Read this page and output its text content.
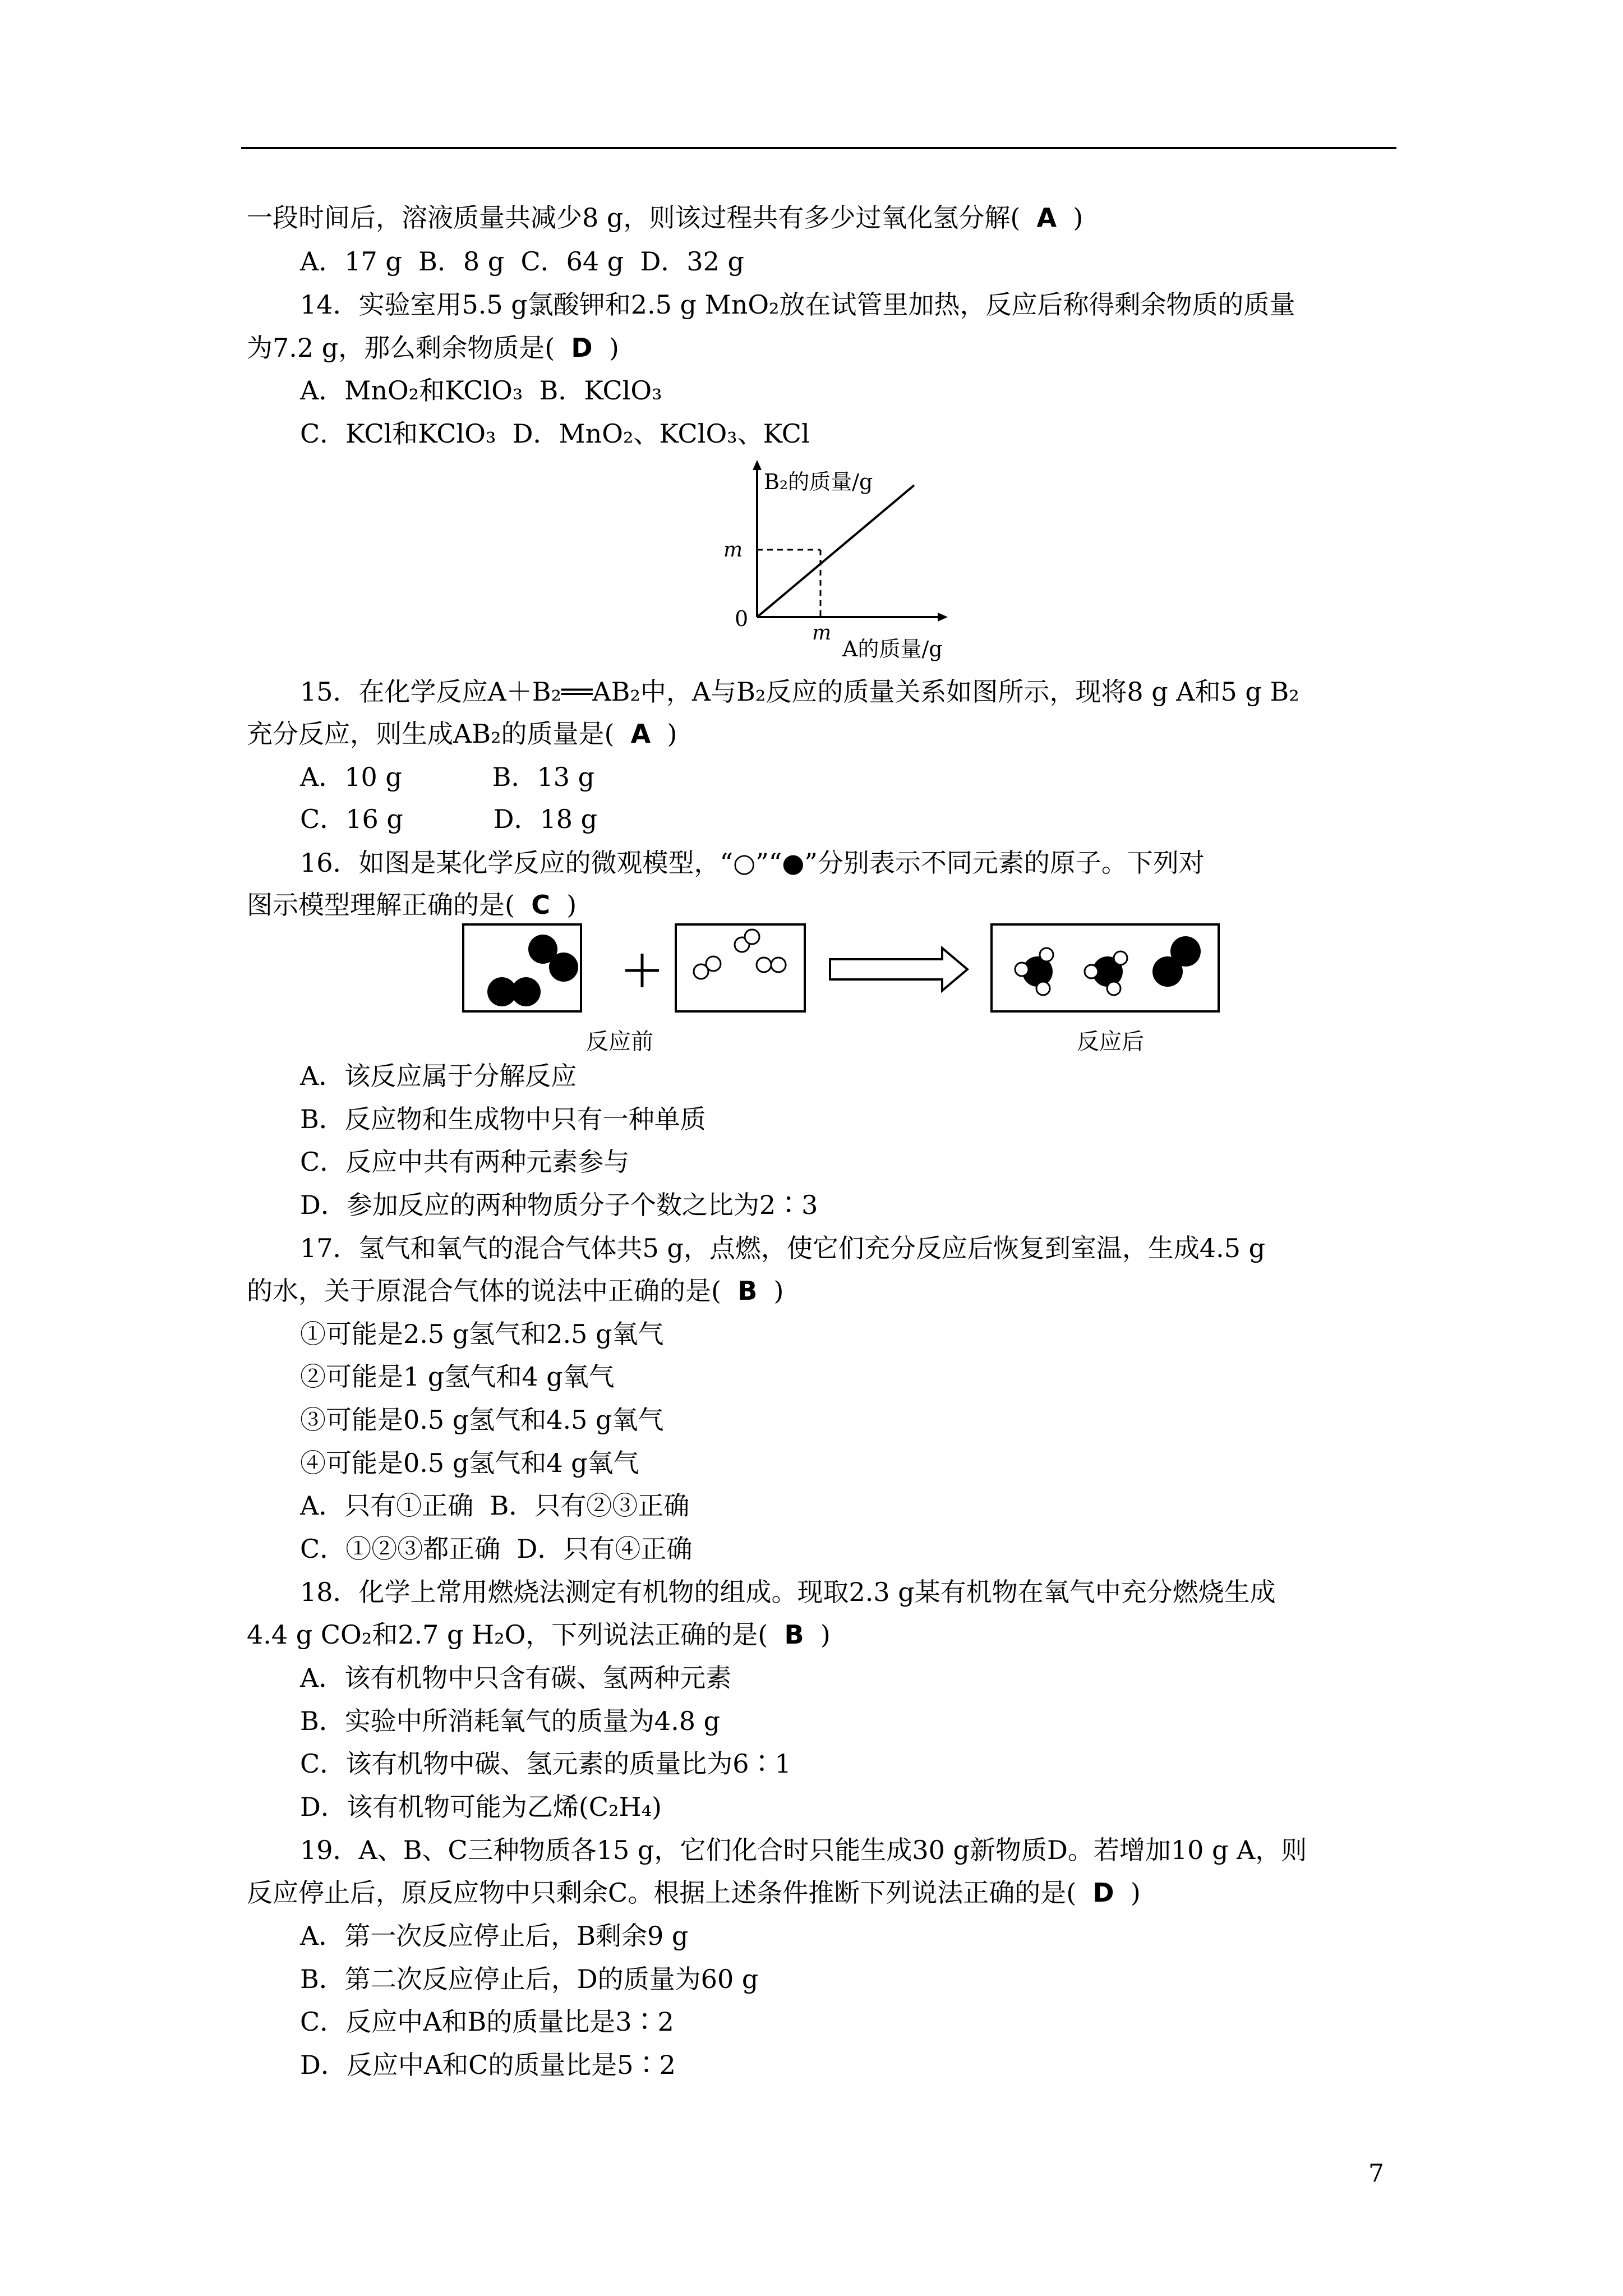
一段时间后，溶液质量共减少8 g，则该过程共有多少过氧化氢分解( A )
A．17 g  B．8 g  C．64 g  D．32 g
14．实验室用5.5 g氯酸钾和2.5 g MnO₂放在试管里加热，反应后称得剩余物质的质量
为7.2 g，那么剩余物质是( D )
A．MnO₂和KClO₃  B．KClO₃
C．KCl和KClO₃  D．MnO₂、KClO₃、KCl
B₂的质量/g
m
0
m
A的质量/g
15．在化学反应A＋B₂══AB₂中，A与B₂反应的质量关系如图所示，现将8 g A和5 g B₂
充分反应，则生成AB₂的质量是( A )
A．10 g           B．13 g
C．16 g           D．18 g
16．如图是某化学反应的微观模型，“○”“●”分别表示不同元素的原子。下列对
图示模型理解正确的是( C )
反应前	反应后
A．该反应属于分解反应
B．反应物和生成物中只有一种单质
C．反应中共有两种元素参与
D．参加反应的两种物质分子个数之比为2∶3
17．氢气和氧气的混合气体共5 g，点燃，使它们充分反应后恢复到室温，生成4.5 g
的水，关于原混合气体的说法中正确的是( B )
①可能是2.5 g氢气和2.5 g氧气
②可能是1 g氢气和4 g氧气
③可能是0.5 g氢气和4.5 g氧气
④可能是0.5 g氢气和4 g氧气
A．只有①正确  B．只有②③正确
C．①②③都正确  D．只有④正确
18．化学上常用燃烧法测定有机物的组成。现取2.3 g某有机物在氧气中充分燃烧生成
4.4 g CO₂和2.7 g H₂O，下列说法正确的是( B )
A．该有机物中只含有碳、氢两种元素
B．实验中所消耗氧气的质量为4.8 g
C．该有机物中碳、氢元素的质量比为6∶1
D．该有机物可能为乙烯(C₂H₄)
19．A、B、C三种物质各15 g，它们化合时只能生成30 g新物质D。若增加10 g A，则
反应停止后，原反应物中只剩余C。根据上述条件推断下列说法正确的是( D )
A．第一次反应停止后，B剩余9 g
B．第二次反应停止后，D的质量为60 g
C．反应中A和B的质量比是3∶2
D．反应中A和C的质量比是5∶2
7
